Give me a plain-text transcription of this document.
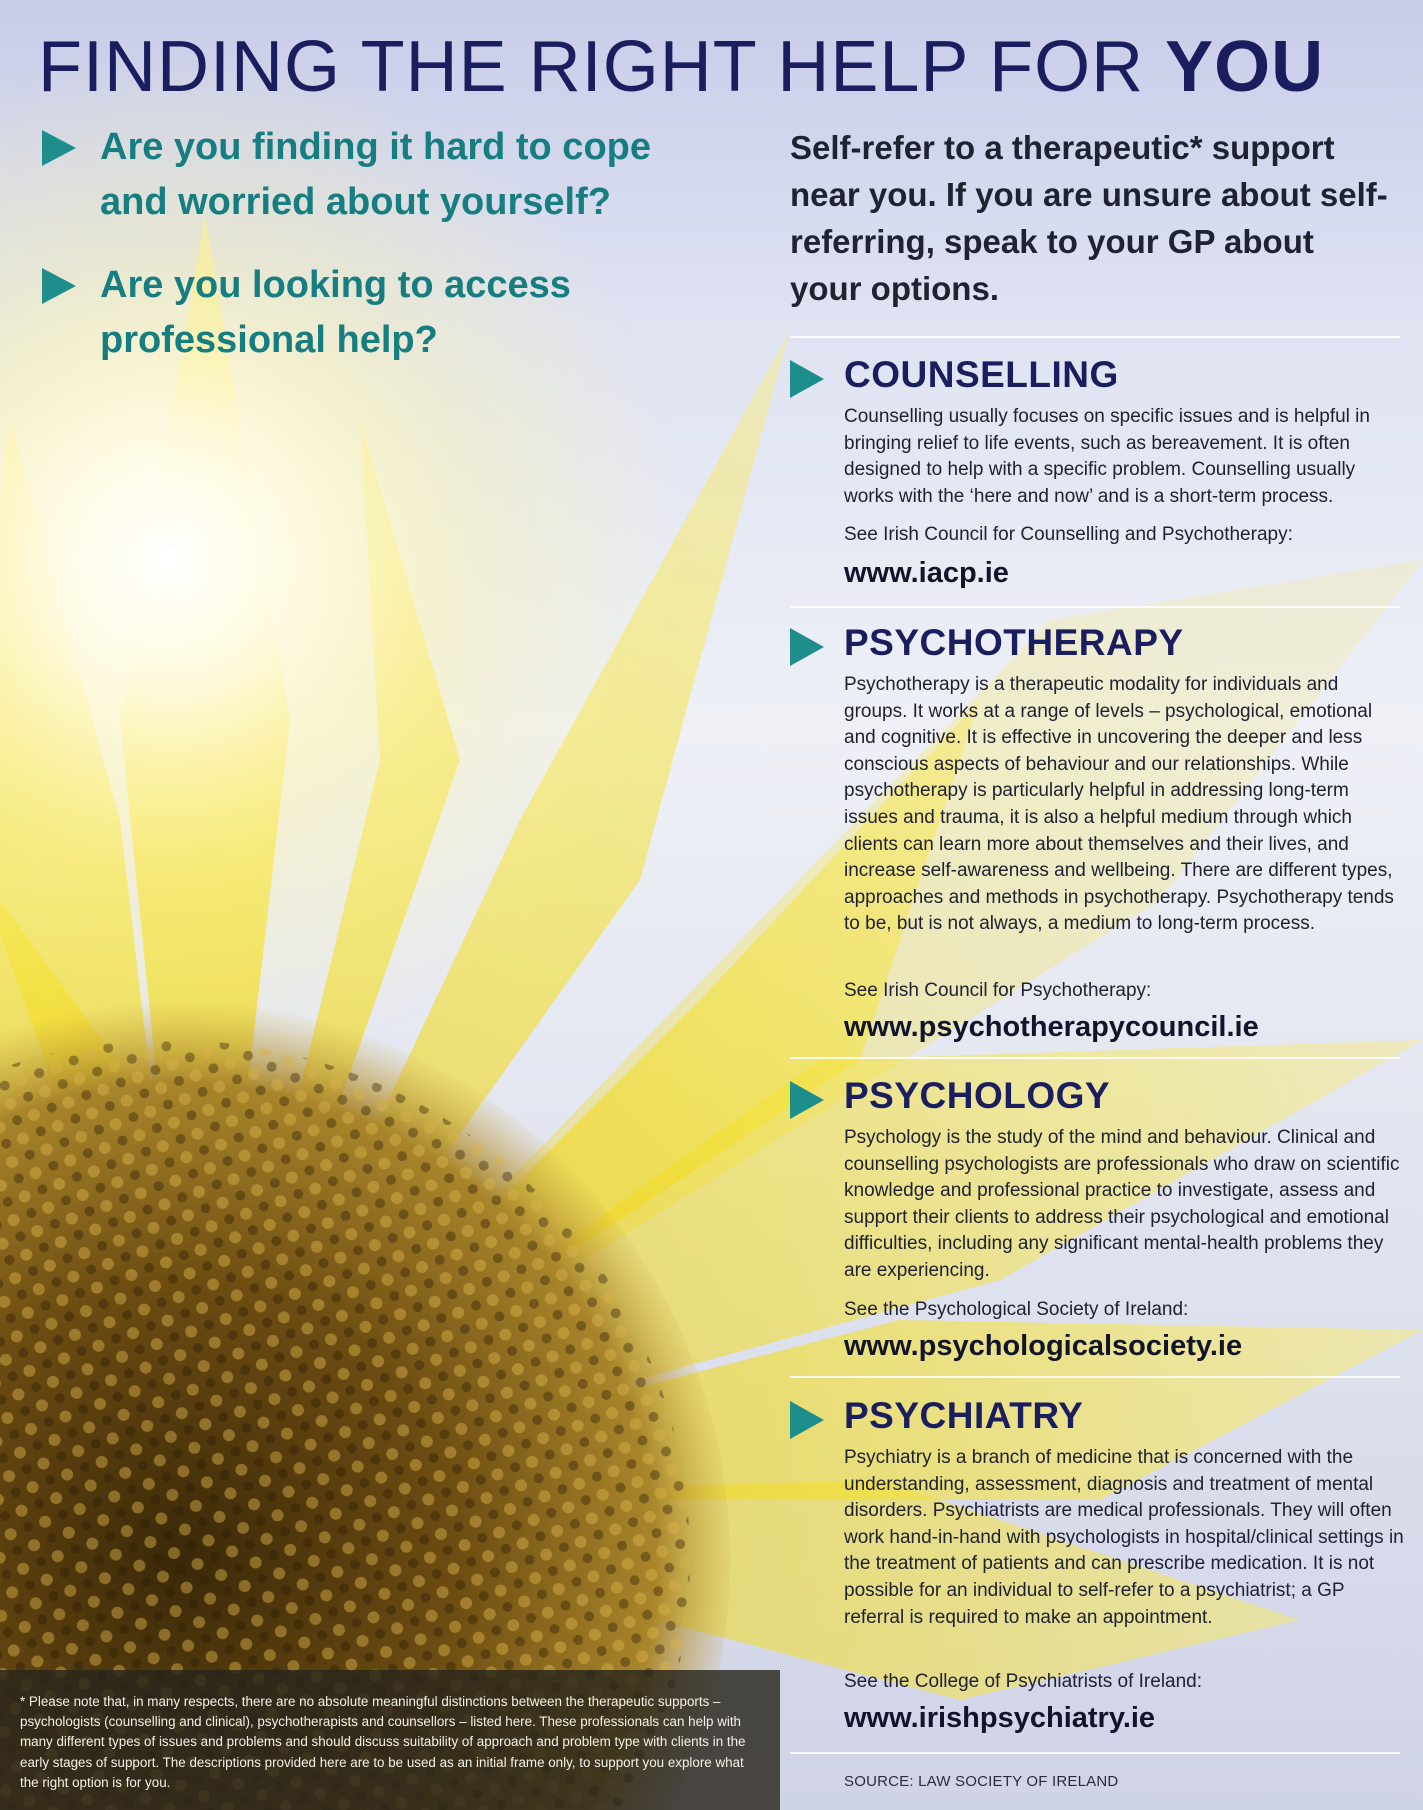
FINDING THE RIGHT HELP FOR YOU
Are you finding it hard to cope and worried about yourself?
Are you looking to access professional help?
Self-refer to a therapeutic* support near you. If you are unsure about self-referring, speak to your GP about your options.
COUNSELLING
Counselling usually focuses on specific issues and is helpful in bringing relief to life events, such as bereavement. It is often designed to help with a specific problem. Counselling usually works with the ‘here and now’ and is a short-term process.
See Irish Council for Counselling and Psychotherapy:
www.iacp.ie
PSYCHOTHERAPY
Psychotherapy is a therapeutic modality for individuals and groups. It works at a range of levels – psychological, emotional and cognitive. It is effective in uncovering the deeper and less conscious aspects of behaviour and our relationships. While psychotherapy is particularly helpful in addressing long-term issues and trauma, it is also a helpful medium through which clients can learn more about themselves and their lives, and increase self-awareness and wellbeing. There are different types, approaches and methods in psychotherapy. Psychotherapy tends to be, but is not always, a medium to long-term process.
See Irish Council for Psychotherapy:
www.psychotherapycouncil.ie
PSYCHOLOGY
Psychology is the study of the mind and behaviour. Clinical and counselling psychologists are professionals who draw on scientific knowledge and professional practice to investigate, assess and support their clients to address their psychological and emotional difficulties, including any significant mental-health problems they are experiencing.
See the Psychological Society of Ireland:
www.psychologicalsociety.ie
PSYCHIATRY
Psychiatry is a branch of medicine that is concerned with the understanding, assessment, diagnosis and treatment of mental disorders. Psychiatrists are medical professionals. They will often work hand-in-hand with psychologists in hospital/clinical settings in the treatment of patients and can prescribe medication. It is not possible for an individual to self-refer to a psychiatrist; a GP referral is required to make an appointment.
See the College of Psychiatrists of Ireland:
www.irishpsychiatry.ie
SOURCE: LAW SOCIETY OF IRELAND
* Please note that, in many respects, there are no absolute meaningful distinctions between the therapeutic supports – psychologists (counselling and clinical), psychotherapists and counsellors – listed here. These professionals can help with many different types of issues and problems and should discuss suitability of approach and problem type with clients in the early stages of support. The descriptions provided here are to be used as an initial frame only, to support you explore what the right option is for you.
